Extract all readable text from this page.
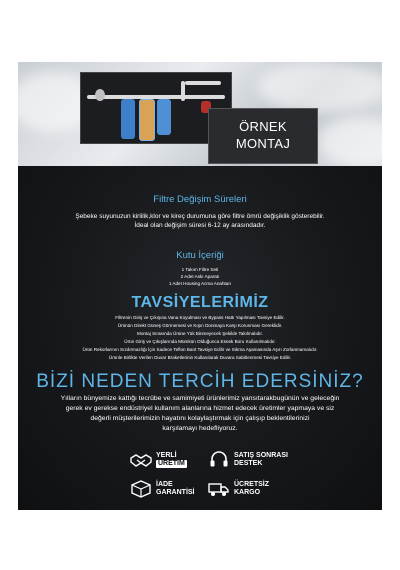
ÖRNEK
MONTAJ
Filtre Değişim Süreleri
Şebeke suyunuzun kirlilik,klor ve kireç durumuna göre filtre ömrü değişiklik gösterebilir.
İdeal olan değişim süresi 6-12 ay arasındadır.
Kutu İçeriği
1 Takım Filtre Seti
2 Adet Askı Aparatı
1 Adet Housing Acma Anahtarı
TAVSİYELERİMİZ
Filtrenin Giriş ve Çıkışına Vana Koyulması ve Bypass Hattı Yapılması Tavsiye Edilir.
Ürünün Direkt Güneş Görmemesi ve Kışın Donmaya Karşı Korunması Gereklidir.
Montaj Sırasında Ürüne Yük Binmeyecek Şekilde Takılmalıdır.
Ürün Giriş ve Çıkışlarında Mümkün Olduğunca Esnek Boru Kullanılmalıdır.
Ürün Rekorlarının Sızdırmazlığı İçin Sadece Teflon Bant Tavsiye Edilir ve Sıkma Aşamasında Aşırı Zorlanmamalıdır.
Ürünle Birlikte Verilen Duvar Braketlerinin Kullanılarak Duvara Sabitlenmesi Tavsiye Edilir.
BİZİ NEDEN TERCİH EDERSİNİZ?
Yılların bünyemize kattığı tecrübe ve samimiyeti ürünlerimiz yansıtarakbugünün ve geleceğin
gerek ev gerekse endüstriyel kullanım alanlarına hizmet edecek üretimler yapmaya ve siz
değerli müşterilerimizin hayatını kolaylaştırmak için çalışıp beklentilerinizi
karşılamayı hedefliyoruz.
YERLİ
ÜRETİM
SATIŞ SONRASI
DESTEK
İADE
GARANTİSİ
ÜCRETSİZ
KARGO
